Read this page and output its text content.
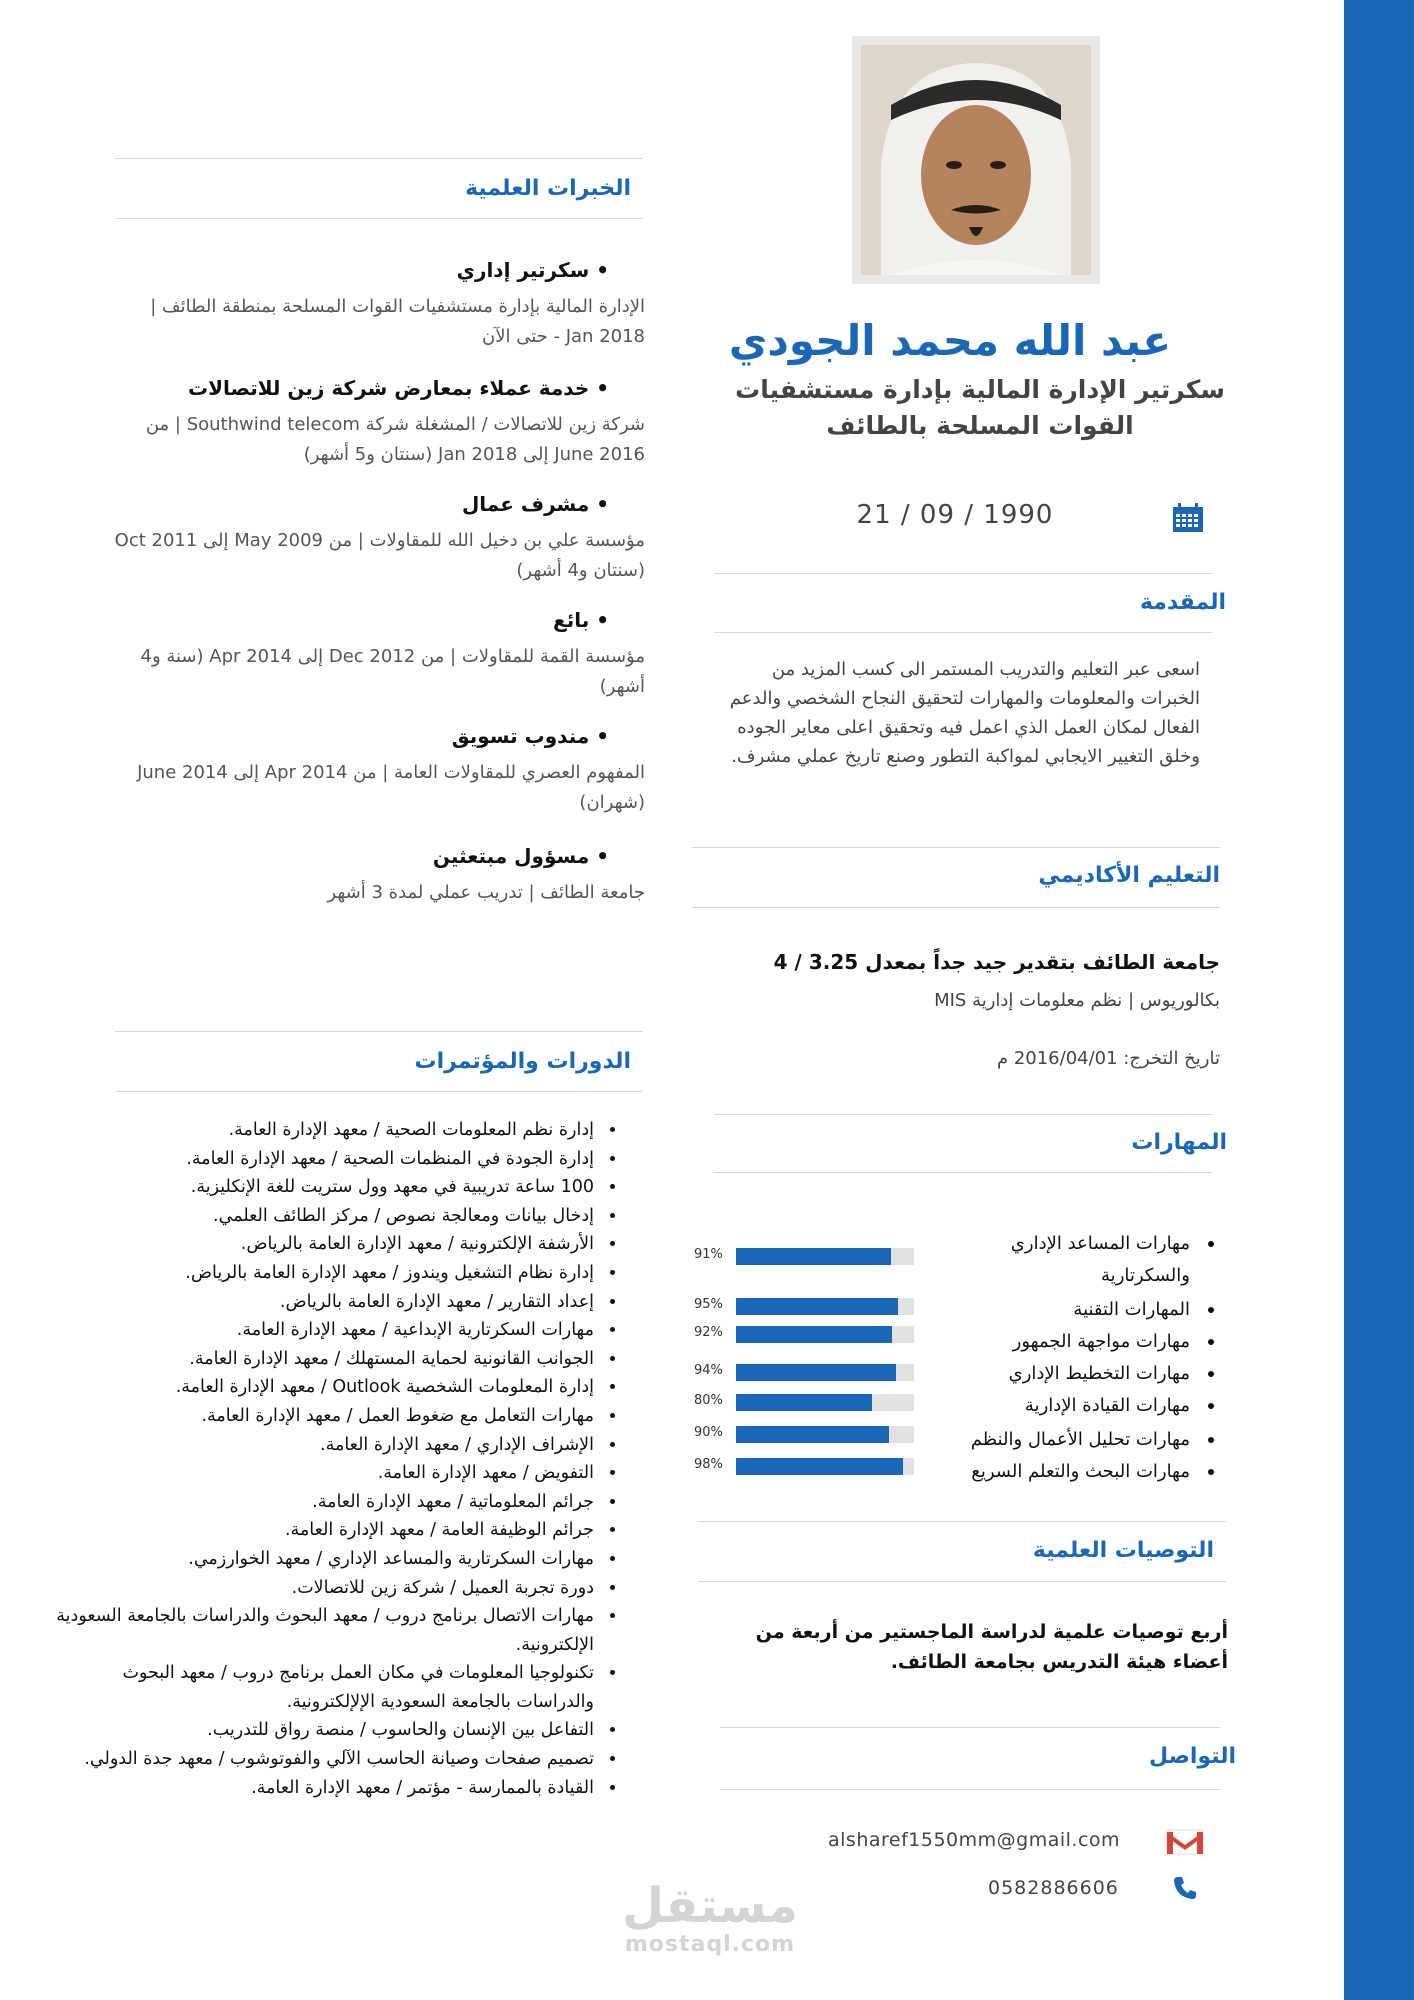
عبد الله محمد الجودي
سكرتير الإدارة المالية بإدارة مستشفيات
القوات المسلحة بالطائف
21 / 09 / 1990
المقدمة
اسعى عبر التعليم والتدريب المستمر الى كسب المزيد من الخبرات والمعلومات والمهارات لتحقيق النجاح الشخصي والدعم الفعال لمكان العمل الذي اعمل فيه وتحقيق اعلى معاير الجوده وخلق التغيير الايجابي لمواكبة التطور وصنع تاريخ عملي مشرف.
التعليم الأكاديمي
جامعة الطائف بتقدير جيد جداً بمعدل 3.25 / 4
بكالوريوس | نظم معلومات إدارية MIS
تاريخ التخرج: 2016/04/01 م
المهارات
مهارات المساعد الإداري
والسكرتارية
91%
المهارات التقنية
95%
مهارات مواجهة الجمهور
92%
مهارات التخطيط الإداري
94%
مهارات القيادة الإدارية
80%
مهارات تحليل الأعمال والنظم
90%
مهارات البحث والتعلم السريع
98%
التوصيات العلمية
أربع توصيات علمية لدراسة الماجستير من أربعة من أعضاء هيئة التدريس بجامعة الطائف.
التواصل
alsharef1550mm@gmail.com
0582886606
مستقل
mostaql.com
الخبرات العلمية
• سكرتير إداري
الإدارة المالية بإدارة مستشفيات القوات المسلحة بمنطقة الطائف | Jan 2018 - حتى الآن
• خدمة عملاء بمعارض شركة زين للاتصالات
شركة زين للاتصالات / المشغلة شركة Southwind telecom | من June 2016 إلى Jan 2018 (سنتان و5 أشهر)
• مشرف عمال
مؤسسة علي بن دخيل الله للمقاولات | من May 2009 إلى Oct 2011 (سنتان و4 أشهر)
• بائع
مؤسسة القمة للمقاولات | من Dec 2012 إلى Apr 2014 (سنة و4 أشهر)
• مندوب تسويق
المفهوم العصري للمقاولات العامة | من Apr 2014 إلى June 2014 (شهران)
• مسؤول مبتعثين
جامعة الطائف | تدريب عملي لمدة 3 أشهر
الدورات والمؤتمرات
• إدارة نظم المعلومات الصحية / معهد الإدارة العامة.
• إدارة الجودة في المنظمات الصحية / معهد الإدارة العامة.
• 100 ساعة تدريبية في معهد وول ستريت للغة الإنكليزية.
• إدخال بيانات ومعالجة نصوص / مركز الطائف العلمي.
• الأرشفة الإلكترونية / معهد الإدارة العامة بالرياض.
• إدارة نظام التشغيل ويندوز / معهد الإدارة العامة بالرياض.
• إعداد التقارير / معهد الإدارة العامة بالرياض.
• مهارات السكرتارية الإبداعية / معهد الإدارة العامة.
• الجوانب القانونية لحماية المستهلك / معهد الإدارة العامة.
• إدارة المعلومات الشخصية Outlook / معهد الإدارة العامة.
• مهارات التعامل مع ضغوط العمل / معهد الإدارة العامة.
• الإشراف الإداري / معهد الإدارة العامة.
• التفويض / معهد الإدارة العامة.
• جرائم المعلوماتية / معهد الإدارة العامة.
• جرائم الوظيفة العامة / معهد الإدارة العامة.
• مهارات السكرتارية والمساعد الإداري / معهد الخوارزمي.
• دورة تجربة العميل / شركة زين للاتصالات.
• مهارات الاتصال برنامج دروب / معهد البحوث والدراسات بالجامعة السعودية الإلكترونية.
• تكنولوجيا المعلومات في مكان العمل برنامج دروب / معهد البحوث والدراسات بالجامعة السعودية الإلإلكترونية.
• التفاعل بين الإنسان والحاسوب / منصة رواق للتدريب.
• تصميم صفحات وصيانة الحاسب الآلي والفوتوشوب / معهد جدة الدولي.
• القيادة بالممارسة - مؤتمر / معهد الإدارة العامة.
